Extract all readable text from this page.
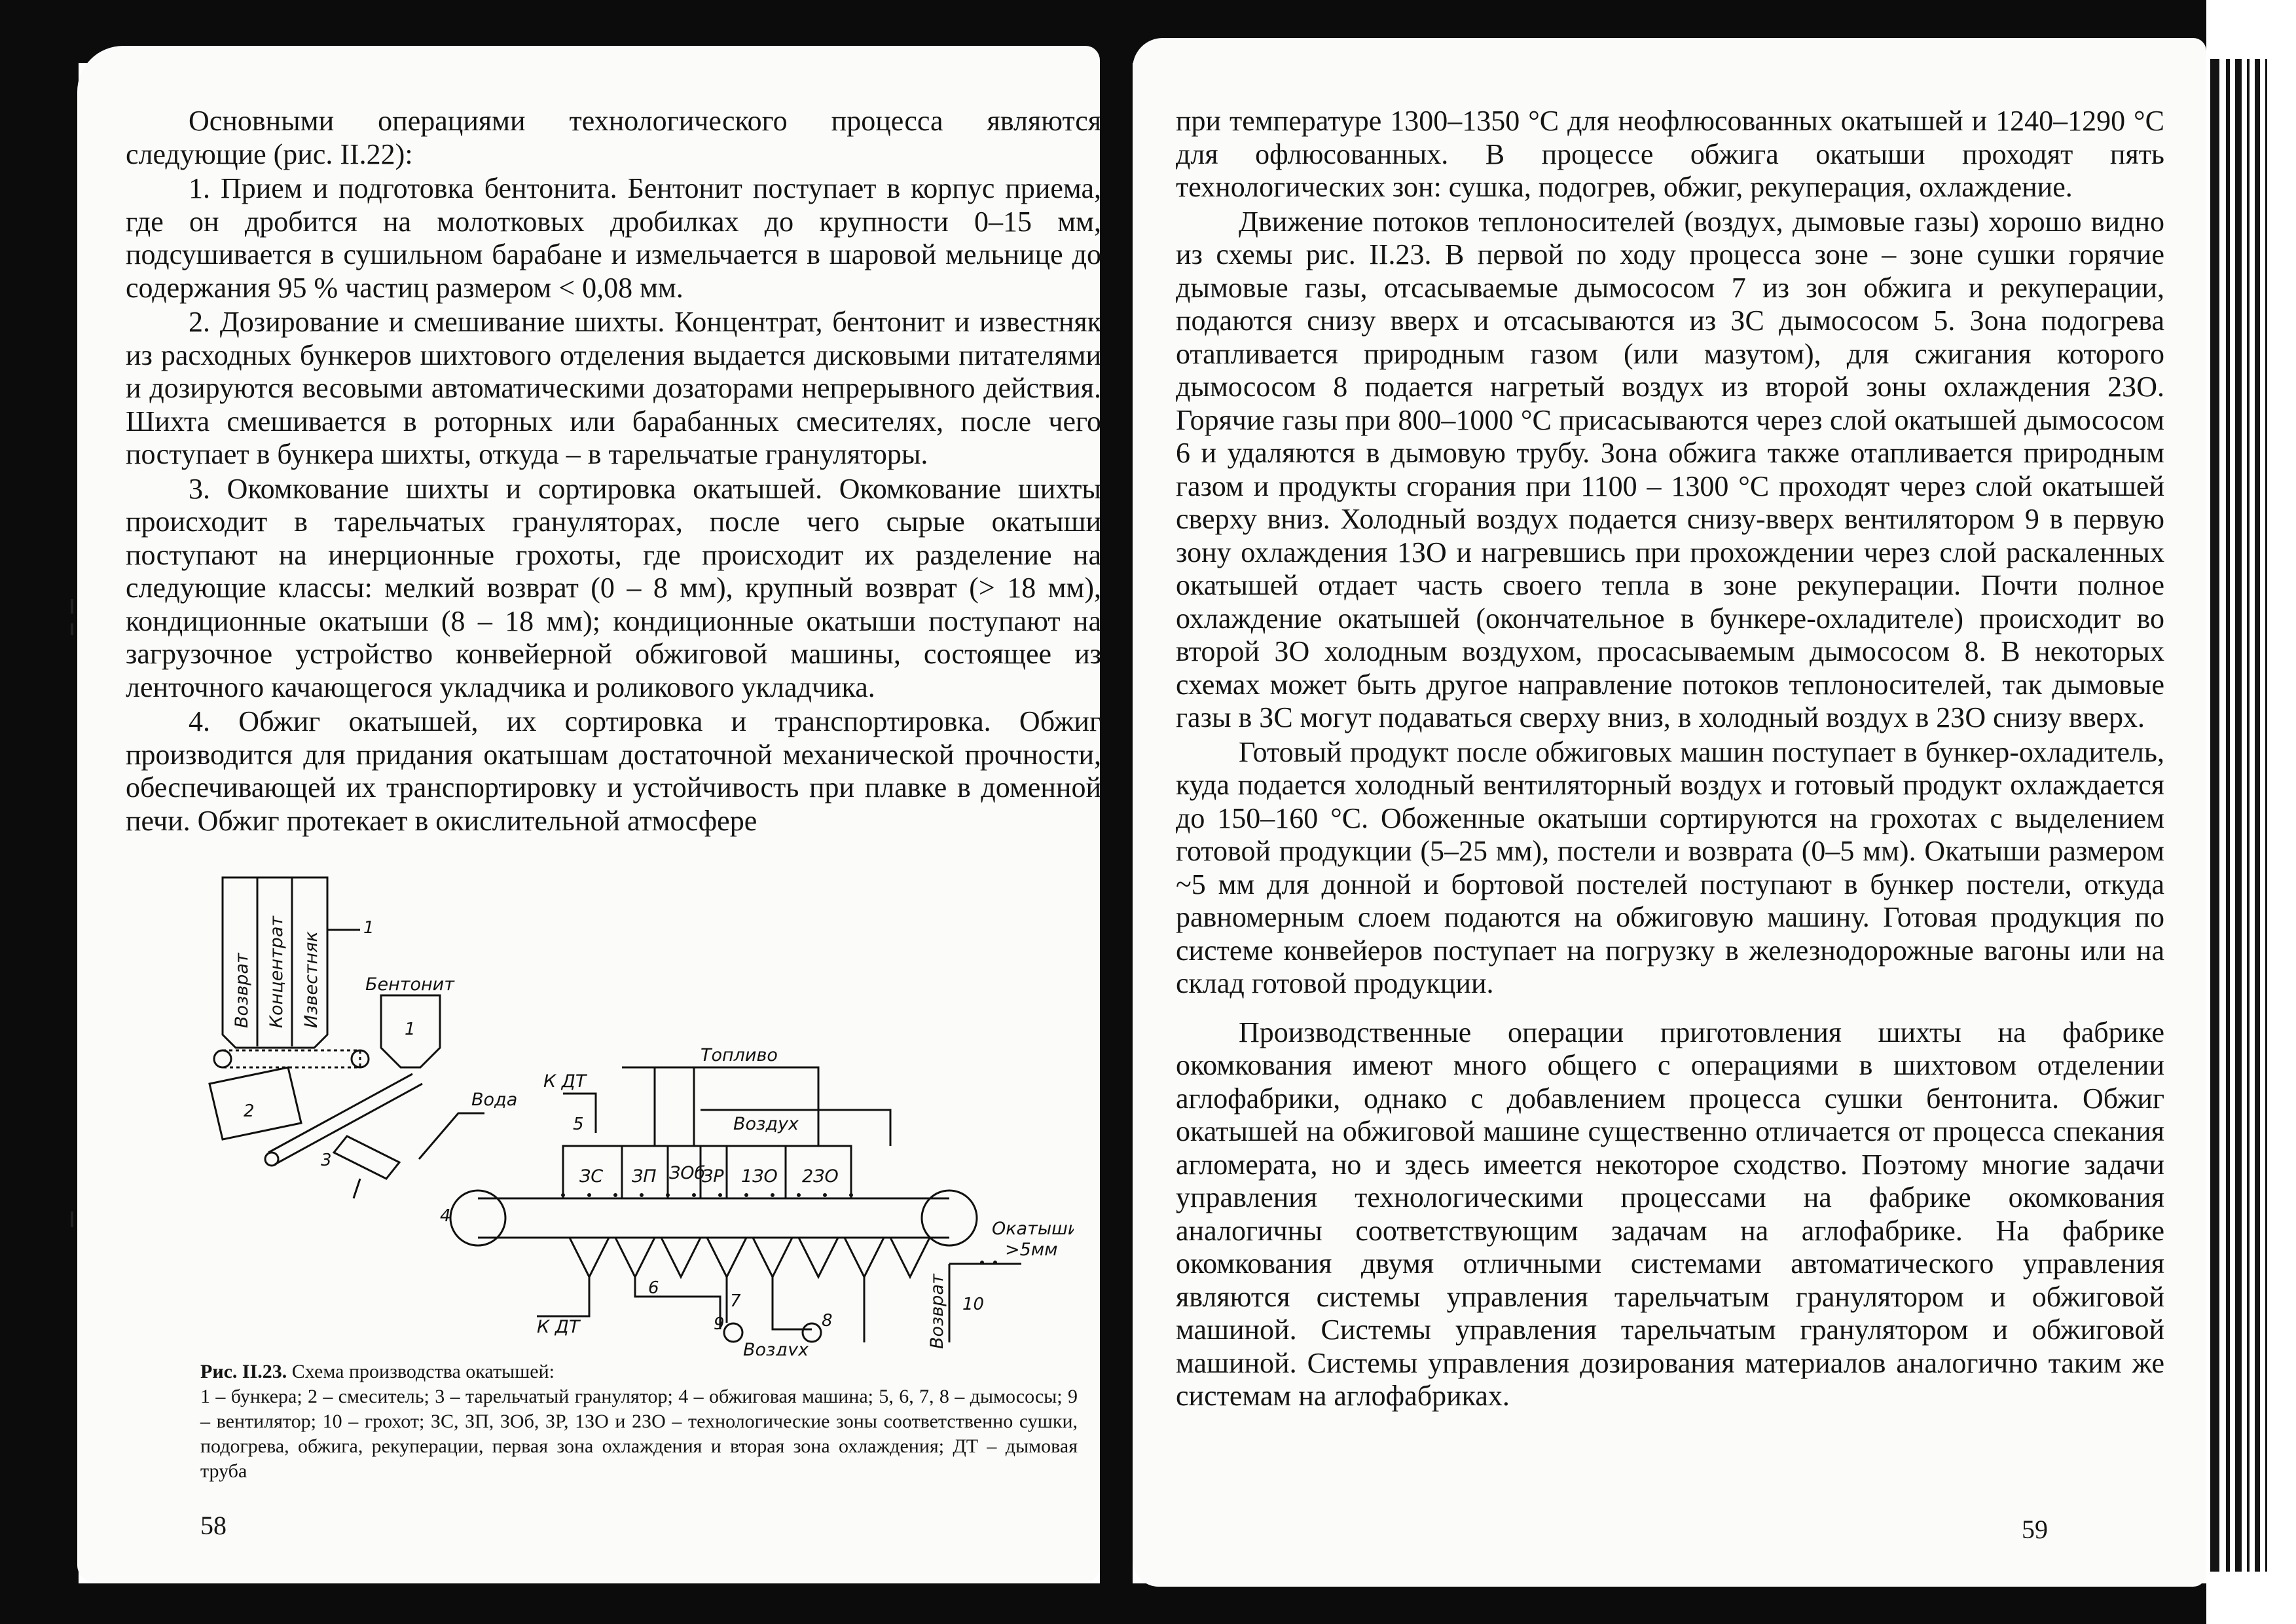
Основными операциями технологического процесса являются следующие (рис. II.22):

1. Прием и подготовка бентонита. Бентонит поступает в корпус приема, где он дробится на молотковых дробилках до крупности 0–15 мм, подсушивается в сушильном барабане и измельчается в шаровой мельнице до содержания 95 % частиц размером < 0,08 мм.

2. Дозирование и смешивание шихты. Концентрат, бентонит и известняк из расходных бункеров шихтового отделения выдается дисковыми питателями и дозируются весовыми автоматическими дозаторами непрерывного действия. Шихта смешивается в роторных или барабанных смесителях, после чего поступает в бункера шихты, откуда – в тарельчатые грануляторы.

3. Окомкование шихты и сортировка окатышей. Окомкование шихты происходит в тарельчатых грануляторах, после чего сырые окатыши поступают на инерционные грохоты, где происходит их разделение на следующие классы: мелкий возврат (0 – 8 мм), крупный возврат (> 18 мм), кондиционные окатыши (8 – 18 мм); кондиционные окатыши поступают на загрузочное устройство конвейерной обжиговой машины, состоящее из ленточного качающегося укладчика и роликового укладчика.

4. Обжиг окатышей, их сортировка и транспортировка. Обжиг производится для придания окатышам достаточной механической прочности, обеспечивающей их транспортировку и устойчивость при плавке в доменной печи. Обжиг протекает в окислительной атмосфере

Возврат Концентрат Известняк Бентонит
Топливо
Вода
К ДТ
Воздух
ЗС ЗП ЗОб
ЗР 1ЗО 2ЗО
Окатыши
>5мм
К ДТ
Воздух
Возврат
1
2
3
4
5
6
7
8
9
10
1

Рис. II.23. Схема производства окатышей:

1 – бункера; 2 – смеситель; 3 – тарельчатый гранулятор; 4 – обжиговая машина; 5, 6, 7, 8 – дымососы; 9 – вентилятор; 10 – грохот; ЗС, ЗП, ЗОб, ЗР, 1ЗО и 2ЗО – технологические зоны соответственно сушки, подогрева, обжига, рекуперации, первая зона охлаждения и вторая зона охлаждения; ДТ – дымовая труба

58

при температуре 1300–1350 °С для неофлюсованных окатышей и 1240–1290 °С для офлюсованных. В процессе обжига окатыши проходят пять технологических зон: сушка, подогрев, обжиг, рекуперация, охлаждение.

Движение потоков теплоносителей (воздух, дымовые газы) хорошо видно из схемы рис. II.23. В первой по ходу процесса зоне – зоне сушки горячие дымовые газы, отсасываемые дымососом 7 из зон обжига и рекуперации, подаются снизу вверх и отсасываются из ЗС дымососом 5. Зона подогрева отапливается природным газом (или мазутом), для сжигания которого дымососом 8 подается нагретый воздух из второй зоны охлаждения 2ЗО. Горячие газы при 800–1000 °С присасываются через слой окатышей дымососом 6 и удаляются в дымовую трубу. Зона обжига также отапливается природным газом и продукты сгорания при 1100 – 1300 °С проходят через слой окатышей сверху вниз. Холодный воздух подается снизу-вверх вентилятором 9 в первую зону охлаждения 1ЗО и нагревшись при прохождении через слой раскаленных окатышей отдает часть своего тепла в зоне рекуперации. Почти полное охлаждение окатышей (окончательное в бункере-охладителе) происходит во второй ЗО холодным воздухом, просасываемым дымососом 8. В некоторых схемах может быть другое направление потоков теплоносителей, так дымовые газы в ЗС могут подаваться сверху вниз, в холодный воздух в 2ЗО снизу вверх.

Готовый продукт после обжиговых машин поступает в бункер-охладитель, куда подается холодный вентиляторный воздух и готовый продукт охлаждается до 150–160 °С. Обоженные окатыши сортируются на грохотах с выделением готовой продукции (5–25 мм), постели и возврата (0–5 мм). Окатыши размером ~5 мм для донной и бортовой постелей поступают в бункер постели, откуда равномерным слоем подаются на обжиговую машину. Готовая продукция по системе конвейеров поступает на погрузку в железнодорожные вагоны или на склад готовой продукции.

Производственные операции приготовления шихты на фабрике окомкования имеют много общего с операциями в шихтовом отделении аглофабрики, однако с добавлением процесса сушки бентонита. Обжиг окатышей на обжиговой машине существенно отличается от процесса спекания агломерата, но и здесь имеется некоторое сходство. Поэтому многие задачи управления технологическими процессами на фабрике окомкования аналогичны соответствующим задачам на аглофабрике. На фабрике окомкования двумя отличными системами автоматического управления являются системы управления тарельчатым гранулятором и обжиговой машиной. Системы управления тарельчатым гранулятором и обжиговой машиной. Системы управления дозирования материалов аналогично таким же системам на аглофабриках.

59
